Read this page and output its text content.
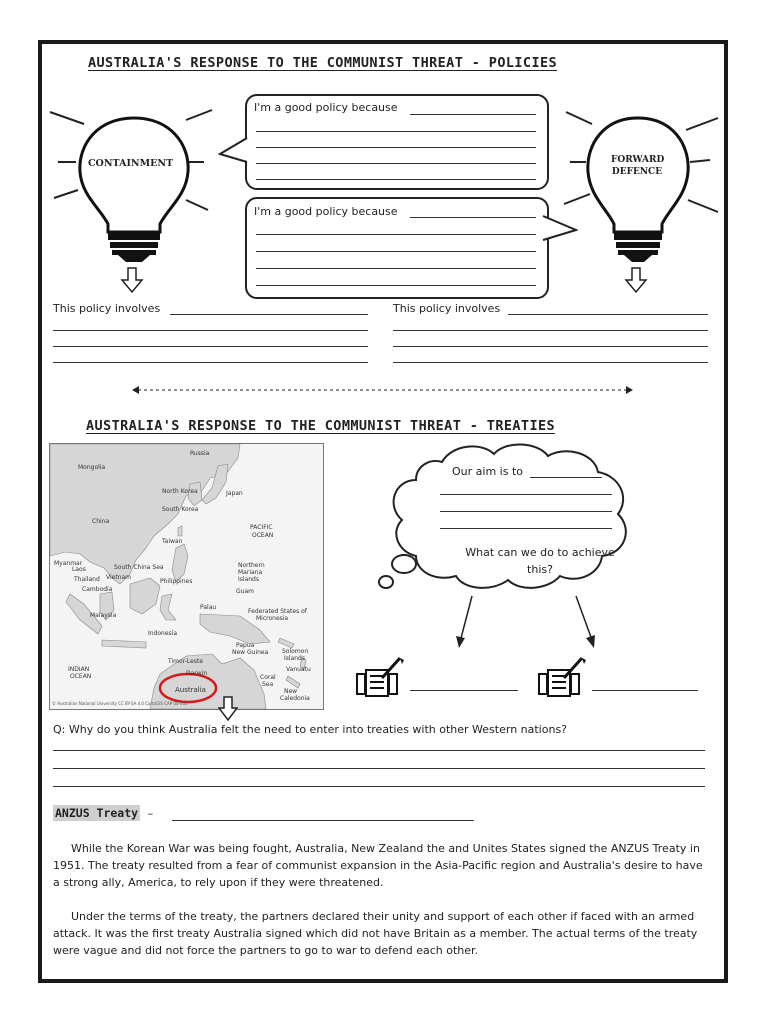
AUSTRALIA'S RESPONSE TO THE COMMUNIST THREAT - POLICIES
CONTAINMENT	FORWARD
DEFENCE
I'm a good policy because
I'm a good policy because
This policy involves	This policy involves
AUSTRALIA'S RESPONSE TO THE COMMUNIST THREAT - TREATIES
Russia
Mongolia
China
North Korea
South Korea
Japan
PACIFIC
OCEAN
Taiwan
Myanmar
Laos
Thailand
Cambodia
Vietnam
Philippines
South China Sea	Northern
Mariana
Islands
Guam
Palau
Malaysia
Federated States of
Micronesia
Indonesia
Papua
New Guinea Solomon
Islands
Timor-Leste
Darwin
Coral
Sea
Vanuatu
INDIAN
OCEAN
Australia	New
Caledonia
© Australian National University CC BY-SA 4.0 CartoGIS CAP 00-000
Our aim is to
What can we do to achieve
this?
Q: Why do you think Australia felt the need to enter into treaties with other Western nations?
ANZUS Treaty –

While the Korean War was being fought, Australia, New Zealand the and Unites States signed the ANZUS Treaty in 1951. The treaty resulted from a fear of communist expansion in the Asia-Pacific region and Australia's desire to have a strong ally, America, to rely upon if they were threatened.

Under the terms of the treaty, the partners declared their unity and support of each other if faced with an armed attack. It was the first treaty Australia signed which did not have Britain as a member. The actual terms of the treaty were vague and did not force the partners to go to war to defend each other.
